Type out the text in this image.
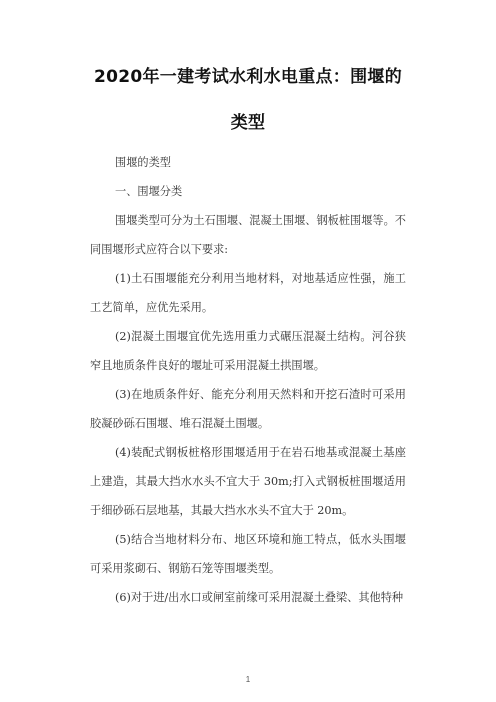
2020年一建考试水利水电重点：围堰的
类型

围堰的类型

一、围堰分类

围堰类型可分为土石围堰、混凝土围堰、钢板桩围堰等。不同围堰形式应符合以下要求:

(1)土石围堰能充分利用当地材料，对地基适应性强，施工工艺简单，应优先采用。

(2)混凝土围堰宜优先选用重力式碾压混凝土结构。河谷狭窄且地质条件良好的堰址可采用混凝土拱围堰。

(3)在地质条件好、能充分利用天然料和开挖石渣时可采用胶凝砂砾石围堰、堆石混凝土围堰。

(4)装配式钢板桩格形围堰适用于在岩石地基或混凝土基座上建造，其最大挡水水头不宜大于 30m;打入式钢板桩围堰适用于细砂砾石层地基，其最大挡水水头不宜大于 20m。

(5)结合当地材料分布、地区环境和施工特点，低水头围堰可采用浆砌石、钢筋石笼等围堰类型。

(6)对于进/出水口或闸室前缘可采用混凝土叠梁、其他特种

1
